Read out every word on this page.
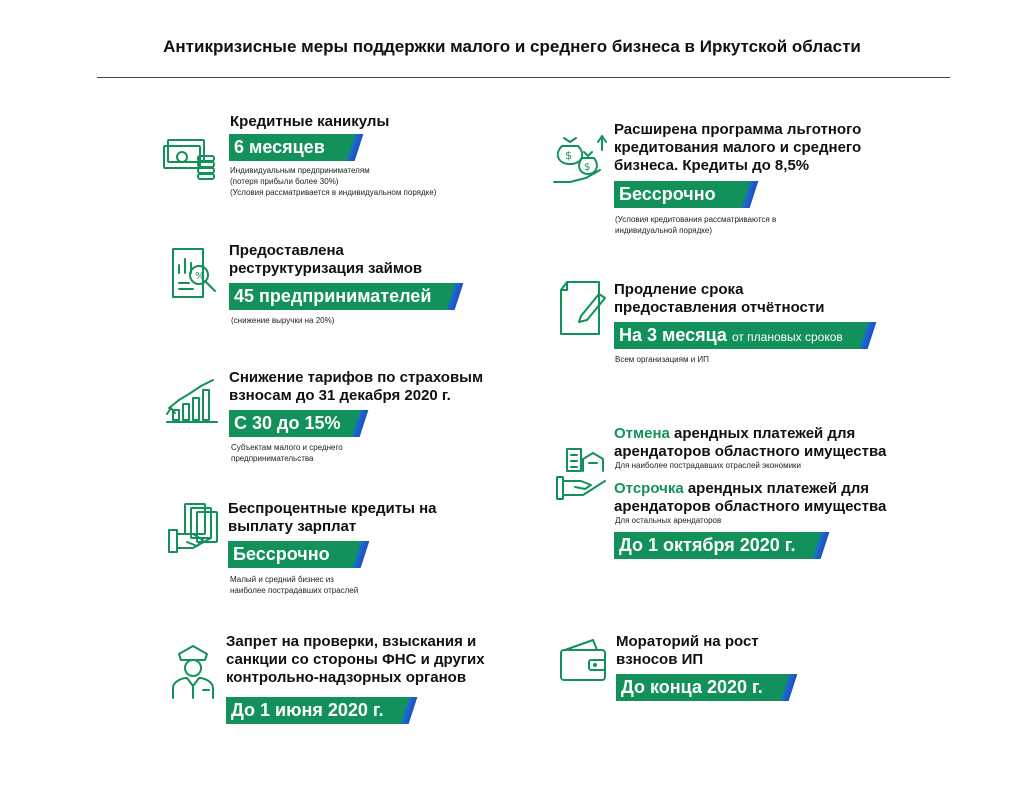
Антикризисные меры поддержки малого и среднего бизнеса в Иркутской области
Кредитные каникулы
6 месяцев
Индивидуальным предпринимателям
(потеря прибыли более 30%)
(Условия рассматривается в индивидуальном порядке)
%
Предоставлена
реструктуризация займов
45 предпринимателей
(снижение выручки на 20%)
Снижение тарифов по страховым
взносам до 31 декабря 2020 г.
С 30 до 15%
Субъектам малого и среднего
предпринимательства
Беспроцентные кредиты на
выплату зарплат
Бессрочно
Малый и средний бизнес из
наиболее пострадавших отраслей
Запрет на проверки, взыскания и
санкции со стороны ФНС и других
контрольно-надзорных органов
До 1 июня 2020 г.
$
$
Расширена программа льготного
кредитования малого и среднего
бизнеса. Кредиты до 8,5%
Бессрочно
(Условия кредитования рассматриваются в
индивидуальной порядке)
Продление срока
предоставления отчётности
На 3 месяца от плановых сроков
Всем организациям и ИП
Отмена арендных платежей для
арендаторов областного имущества
Для наиболее пострадавших отраслей экономики
Отсрочка арендных платежей для
арендаторов областного имущества
Для остальных арендаторов
До 1 октября 2020 г.
Мораторий на рост
взносов ИП
До конца 2020 г.
